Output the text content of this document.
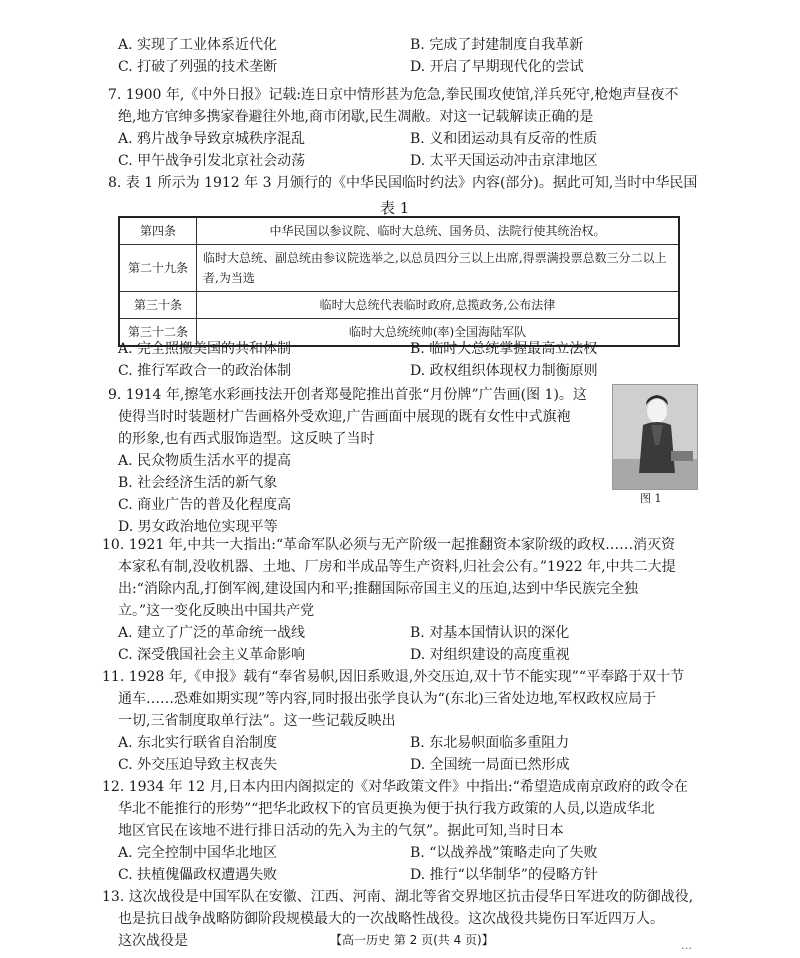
A. 实现了工业体系近代化	B. 完成了封建制度自我革新

C. 打破了列强的技术垄断	D. 开启了早期现代化的尝试

7. 1900 年,《中外日报》记载:连日京中情形甚为危急,拳民围攻使馆,洋兵死守,枪炮声昼夜不

绝,地方官绅多携家眷避往外地,商市闭歇,民生凋敝。对这一记载解读正确的是

A. 鸦片战争导致京城秩序混乱	B. 义和团运动具有反帝的性质

C. 甲午战争引发北京社会动荡	D. 太平天国运动冲击京津地区

8. 表 1 所示为 1912 年 3 月颁行的《中华民国临时约法》内容(部分)。据此可知,当时中华民国

表 1
第四条	中华民国以参议院、临时大总统、国务员、法院行使其统治权。
第二十九条	临时大总统、副总统由参议院选举之,以总员四分三以上出席,得票满投票总数三分二以上者,为当选
第三十条	临时大总统代表临时政府,总揽政务,公布法律
第三十二条	临时大总统统帅(率)全国海陆军队

A. 完全照搬美国的共和体制	B. 临时大总统掌握最高立法权

C. 推行军政合一的政治体制	D. 政权组织体现权力制衡原则

9. 1914 年,擦笔水彩画技法开创者郑曼陀推出首张“月份牌”广告画(图 1)。这

使得当时时装题材广告画格外受欢迎,广告画面中展现的既有女性中式旗袍

的形象,也有西式服饰造型。这反映了当时

A. 民众物质生活水平的提高

B. 社会经济生活的新气象

C. 商业广告的普及化程度高

D. 男女政治地位实现平等

图 1

10. 1921 年,中共一大指出:“革命军队必须与无产阶级一起推翻资本家阶级的政权……消灭资

本家私有制,没收机器、土地、厂房和半成品等生产资料,归社会公有。”1922 年,中共二大提

出:“消除内乱,打倒军阀,建设国内和平;推翻国际帝国主义的压迫,达到中华民族完全独

立。”这一变化反映出中国共产党

A. 建立了广泛的革命统一战线	B. 对基本国情认识的深化

C. 深受俄国社会主义革命影响	D. 对组织建设的高度重视

11. 1928 年,《申报》载有“奉省易帜,因旧系败退,外交压迫,双十节不能实现”“平奉路于双十节

通车……恐难如期实现”等内容,同时报出张学良认为“(东北)三省处边地,军权政权应局于

一切,三省制度取单行法”。这一些记载反映出

A. 东北实行联省自治制度	B. 东北易帜面临多重阻力

C. 外交压迫导致主权丧失	D. 全国统一局面已然形成

12. 1934 年 12 月,日本内田内阁拟定的《对华政策文件》中指出:“希望造成南京政府的政令在

华北不能推行的形势”“把华北政权下的官员更换为便于执行我方政策的人员,以造成华北

地区官民在该地不进行排日活动的先入为主的气氛”。据此可知,当时日本

【高一历史 第 2 页(共 4 页)】	…

A. 完全控制中国华北地区	B. “以战养战”策略走向了失败

C. 扶植傀儡政权遭遇失败	D. 推行“以华制华”的侵略方针

13. 这次战役是中国军队在安徽、江西、河南、湖北等省交界地区抗击侵华日军进攻的防御战役,

也是抗日战争战略防御阶段规模最大的一次战略性战役。这次战役共毙伤日军近四万人。

这次战役是
